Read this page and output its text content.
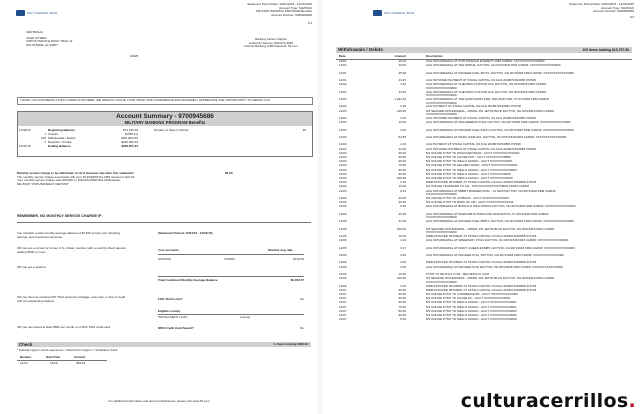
NAVY FEDERAL BANK
Statement Period Date: 12/01/2015 - 12/31/2015
Account Type: SAVINGS
MILITARY BANKING PROGRAM Benefits
Account Number: 0000000000
1/1
CENTRALIA
JOHN CITIZEN
2780 PLYMOUTH ROCK TRAIL W
SOUTHSIDE, AL 00907
10025
Banking Center: Dayton
Customer Service: 800-972-3030
Internet Banking & Bill Payment: 53.com
THANK YOU FOR BEING A FIFTH THIRD CUSTOMER. WE GREATLY VALUE YOUR TRUST AND CONFIDENCE AND SINCERELY APPRECIATE THE OPPORTUNITY TO SERVE YOU.
Account Summary - 9700945686
MILITARY BANKING PROGRAM Benefits
11/30/15	Beginning Balance	$71,135.18
1 Checks	$(355.61)
100 Withdrawals / Debits	(000,000.00)
7 Deposits / Credits	$165,666.24
12/31/15	Ending Balance	$189,871.94
Number of Days in Period	30
Monthly service charge to be withdrawn on first business day after this statement:	$0.00
The monthly service charge associated with your 53 ESSENTIAL CBS account is $11.00
Your monthly service charge was WAIVED or DISCOUNTED $11.00 Because:
MILITARY STATUS/DIRECT DEPOSIT
REMEMBER, NO MONTHLY SERVICE CHARGE IF:
You maintain a total monthly average balance of $1,500 across your checking, savings, and investment accounts.
OR you are a current or former U.S. military member with a monthly direct deposit totaling $500 or more.
OR you are a student.
OR you have an existing Fifth Third personal mortgage, auto loan, or line of credit with an outstanding balance.
OR you can spend at least $500 per month on a Fifth Third credit card.
(Statement Period: 12/01/15 - 12/31/15)
Your Accounts	Monthly Avg. Bal.
SAVINGS	XX5005	$710.64
Total Combined Monthly Average Balance	$6,452.07
Fifth Third Loan?	No
Eligible Loan(s)
INSTALLMENT LOAN	Loan(s)
$500 Credit Card Spend?	No
Check	1 check totaling $383.62
* indicates gap in check sequence i = Electronic Image s = Substitute check
Number	Date Paid	Amount
1170 i	12/16	383.61
For additional information and account disclosures, please visit www.53.com
NAVY FEDERAL BANK
Statement Period Date: 12/01/2015 - 12/31/2015
Account Type: SAVINGS
Account Number: 0000000000
2/1
Withdrawals / Debits	100 items totaling $15,757.99
Date	Amount	Description
12/01	10.00	ACH WITHDRAWAL AT 0735 PRINGLE EVERETT FRM CARD#: XXXXXXXXXXXX0000
12/01	40.00	ACH WITHDRAWAL AT THE SPRUE, DAYTON, OH #0721818 FRM CARD#: XXXXXXXXXXXX0000
12/01	25.00	ACH WITHDRAWAL AT KROGER FUEL #0774, DAYTON, OH #0721818 FRM CARD#: XXXXXXXXXXXX0000
12/01	44.25	ACH INITIATED PAYMENT AT STASH CAPITAL CS ACH 20180716S3958 072518
12/02	1.50	ACH WITHDRAWAL AT CHEVRON CUSTOM GUL DAYTON, OH #0721818 FRM CARD#: XXXXXXXXXXXX0000
12/02	34.66	ACH WITHDRAWAL AT CHEVRON CUSTOM GUL DAYTON, OH #0721818 FRM CARD#: XXXXXXXXXXXX0000
12/02	1,291.62	ACH WITHDRAWAL AT THE HAWTHORN 4492, 000-4619 ONE, CT 0721818 FRM CARD#: XXXXXXXXXXXX0000
12/02	2.30	ACH PAYMENT AT STASH CAPITAL CS ACH 20180716S2892 072718
12/03	125.00	5/3 SEASIDE WITHDRAWAL - 006361 151 JETTE BLVD DAYTON, OH #0721818 FRM CARD#: XXXXXXXXXXXX0000
12/03	1.00	ACH INITIATED PAYMENT AT STASH CAPITAL CS ACH 20180716S3958 072518
12/03	10.00	ACH WITHDRAWAL AT WALGREENS 07321 DAYTON, OH #0721818 FRM CARD#: XXXXXXXXXXXX0000
12/03	4.00	ACH WITHDRAWAL AT KROGER FUEL #1123, DAYTON, OH #0721818 FRM CARD#: XXXXXXXXXXXX0000
12/03	64.95	ACH WITHDRAWAL AT MARA JUNE #31, DAYTON, OH #0721818 FRM CARD#: XXXXXXXXXXXX0000
12/04	1.00	ACH PAYMENT AT STASH CAPITAL CS ACH 20180716S3958 072518
12/04	24.00	ACH INITIATED PAYMENT AT STASH CAPITAL CS ACH 20180716S3958 072518
12/04	30.00	5/3 ONLINE PYMT TO DISCOVER BANK - ACCT XXXXXXXXXX0001
12/04	30.00	5/3 ONLINE PYMT TO CHASE PMT - ACCT XXXXXXXXX9856
12/04	95.00	5/3 ONLINE PYMT TO WELLS FARGO - ACCT XXXXXXXX2001
12/04	75.00	5/3 ONLINE PYMT TO HELLBET DASH - ACCT XXXXXXXXXX0001
12/04	50.00	5/3 ONLINE PYMT TO WELLS FARGO - ACCT XXXXXXXXXX0003
12/04	90.00	5/3 ONLINE PYMT TO WELLS FARGO - ACCT XXXXXXX0005
12/04	105.60	5/3 ONLINE PYMT TO WELLS FARGO - ACCT XXXXXXXX0009
12/04	1.00	WEB INITIATED PAYMENT AT STASH CAPITAL CS ACH 20180716S3958 072518
12/04	10.00	5/3 ONLINE TRANSFER TO CD - XXXXXXXXXXXXXXX5001 PFRM CARD#
12/04	9.63	ACH WITHDRAWAL AT RIBBIT BURGER KING - SJ 5225 DAYTON, OH #0721818 FRM CARD#: XXXXXXXXXXXX0000
12/05	20.00	5/3 ONLINE PYMT TO CITIBANK - ACCT XXXXXXXXXX0003
12/05	20.00	5/3 ONLINE PYMT TO BANK OF AM - ACCT XXXXXXXXXX2734
12/05	9.66	ACH WITHDRAWAL AT BUFFALO WILD WINGS DAYTON, OH #0721818 FRM CARD#: XXXXXXXXXXXX0000
12/05	26.35	ACH WITHDRAWAL AT MARCOBUS PIZZA AND LEXINGTON, KY #0721818 FRM CARD#: XXXXXXXXXXXX0000
12/05	41.00	ACH WITHDRAWAL AT KROGER FUEL #8871, DAYTON, OH #0721818 FRM CARD#: XXXXXXXXXXXX0000
12/05	100.00	5/3 SEASIDE WITHDRAWAL - 006361 151 JETTE BLVD DAYTON, OH #0721818 FRM CARD#: XXXXXXXXXXXX0000
12/05	10.00	WEB INITIATED PAYMENT AT STASH CAPITAL CS ACH 20180716S3958 072718
12/05	1.02	ACH WITHDRAWAL AT SPEEDWAY 07321 DAYTON, OH #0721818 FRM CARD#: XXXXXXXXXXXX0000
12/05	3.17	ACH WITHDRAWAL AT DAIRY QUEEN #43985, DAYTON, OH #0721818 FRM CARD#: XXXXXXXXXXXX0000
12/06	4.56	ACH WITHDRAWAL AT KROGER #712, DAYTON, OH #0721818 FRM CARD#: XXXXXXXXXXXX0000
12/06	4.00	WEB INITIATED PAYMENT AT STASH CAPITAL CS ACH 20180716S3958 072718
12/06	4.00	ACH WITHDRAWAL AT KROGER #718 DAYTON, OH #0721818 FRM CARD#: XXXXXXXXXXXX0000
12/06	10.00	PYMT TO NETFLIX COM - 800 NETFLIX COM
12/06	100.00	5/3 SEASIDE WITHDRAWAL - 006361 151 JETTE BLVD DAYTON, OH #0721818 FRM CARD#: XXXXXXXXXXXX0000
12/06	1.00	WEB INITIATED PAYMENT AT STASH CAPITAL CS ACH 20180716S3958 072718
12/07	30.00	WEB INITIATED PAYMENT AT STASH CAPITAL CS ACH 20180716S3958 072718
12/07	30.00	5/3 ONLINE PYMT TO COMMERCE BK - ACCT XXXXXXXXXX0003
12/07	30.00	5/3 ONLINE PYMT TO CHASE HC - ACCT XXXXXXXXXX0001
12/07	50.00	5/3 ONLINE PYMT TO WELLS FARGO - ACCT XXXXXXXXXX0001
12/07	75.00	5/3 ONLINE PYMT TO WELLS FARGO - ACCT XXXXXXXXXX0001
12/07	50.00	5/3 ONLINE PYMT TO WELLS FARGO - ACCT XXXXXXXXXX0004
12/07	90.00	5/3 ONLINE PYMT TO WELLS FARGO - ACCT XXXXXXXXXX0005
12/07	5.00	5/3 ONLINE PYMT TO WELLS FARGO - ACCT XXXXXXXXXX0008
culturacerrillos.
